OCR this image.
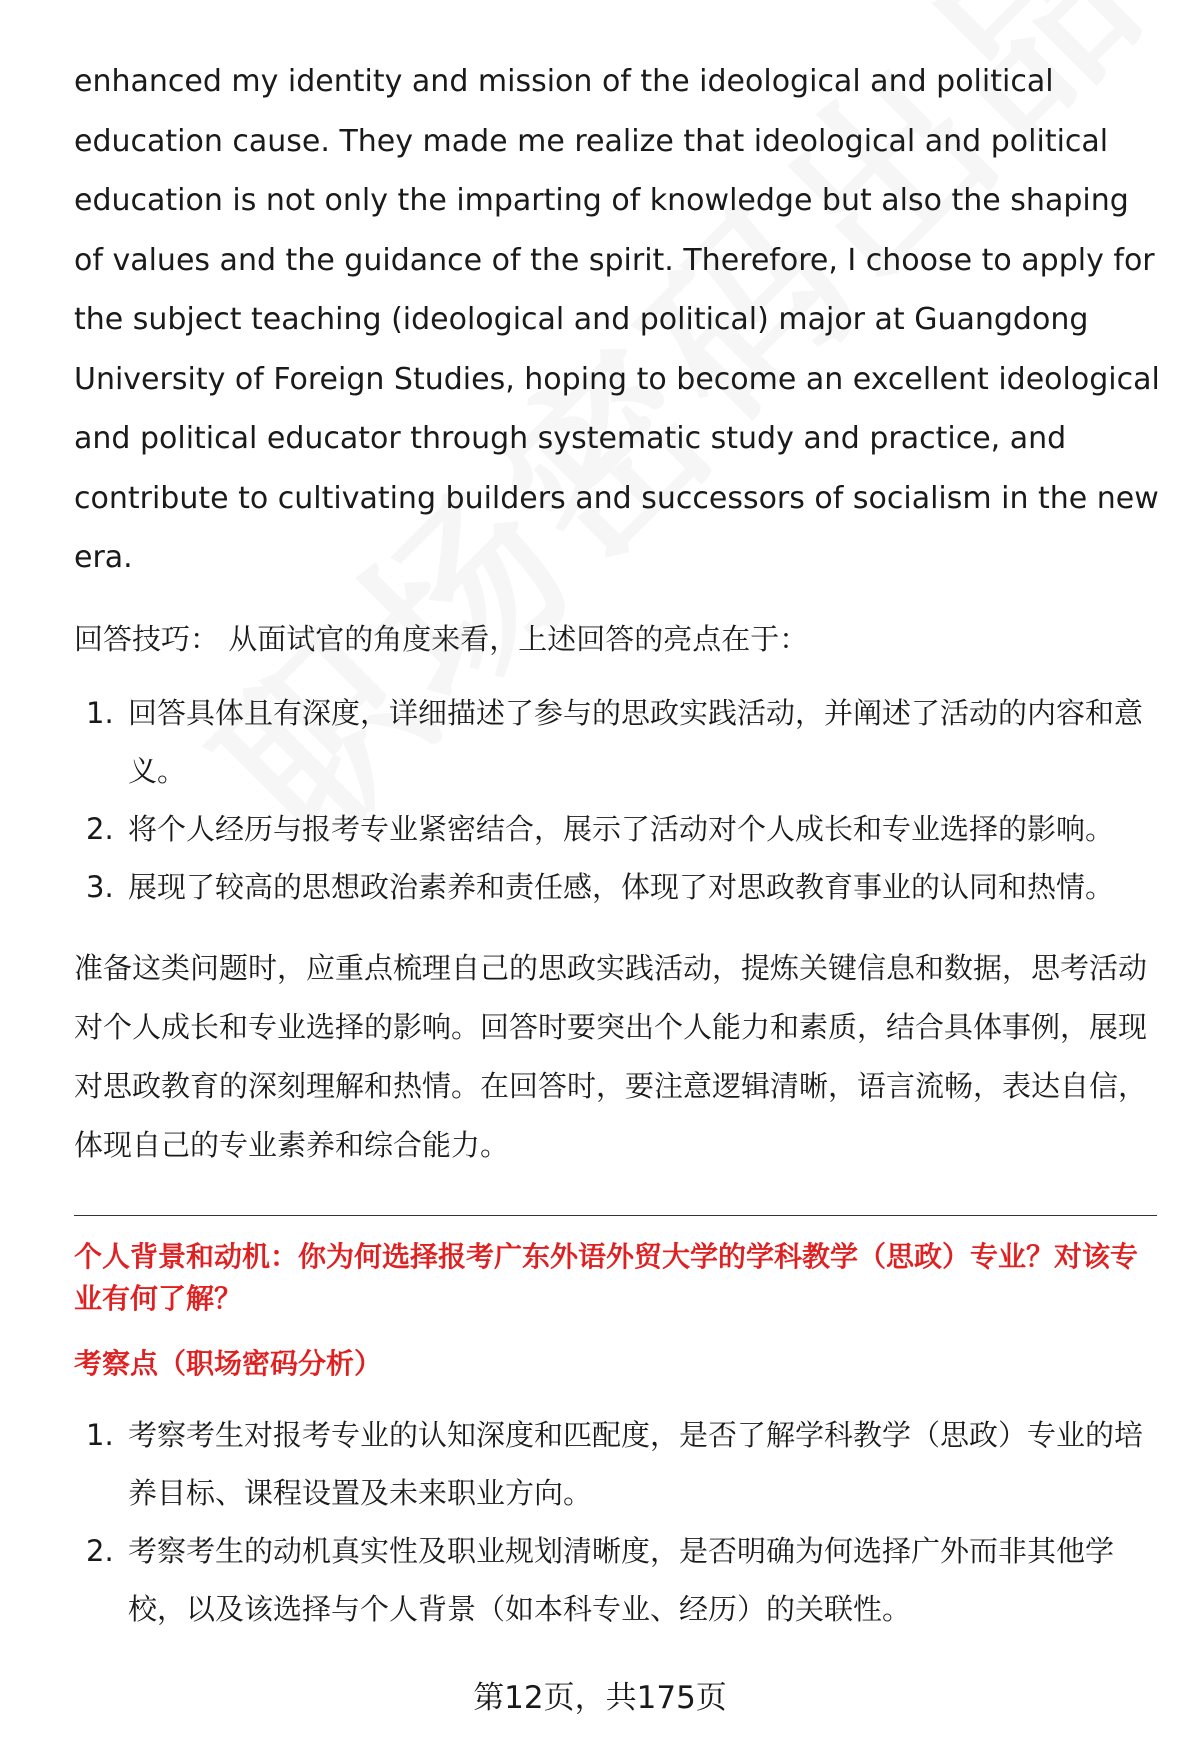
enhanced my identity and mission of the ideological and political education cause. They made me realize that ideological and political education is not only the imparting of knowledge but also the shaping of values and the guidance of the spirit. Therefore, I choose to apply for the subject teaching (ideological and political) major at Guangdong University of Foreign Studies, hoping to become an excellent ideological and political educator through systematic study and practice, and contribute to cultivating builders and successors of socialism in the new era.

回答技巧： 从面试官的角度来看，上述回答的亮点在于：

1. 回答具体且有深度，详细描述了参与的思政实践活动，并阐述了活动的内容和意义。
2. 将个人经历与报考专业紧密结合，展示了活动对个人成长和专业选择的影响。
3. 展现了较高的思想政治素养和责任感，体现了对思政教育事业的认同和热情。

准备这类问题时，应重点梳理自己的思政实践活动，提炼关键信息和数据，思考活动对个人成长和专业选择的影响。回答时要突出个人能力和素质，结合具体事例，展现对思政教育的深刻理解和热情。在回答时，要注意逻辑清晰，语言流畅，表达自信，体现自己的专业素养和综合能力。

个人背景和动机：你为何选择报考广东外语外贸大学的学科教学（思政）专业？对该专业有何了解？

考察点（职场密码分析）

1. 考察考生对报考专业的认知深度和匹配度，是否了解学科教学（思政）专业的培养目标、课程设置及未来职业方向。
2. 考察考生的动机真实性及职业规划清晰度，是否明确为何选择广外而非其他学校，以及该选择与个人背景（如本科专业、经历）的关联性。
第12页，共175页
